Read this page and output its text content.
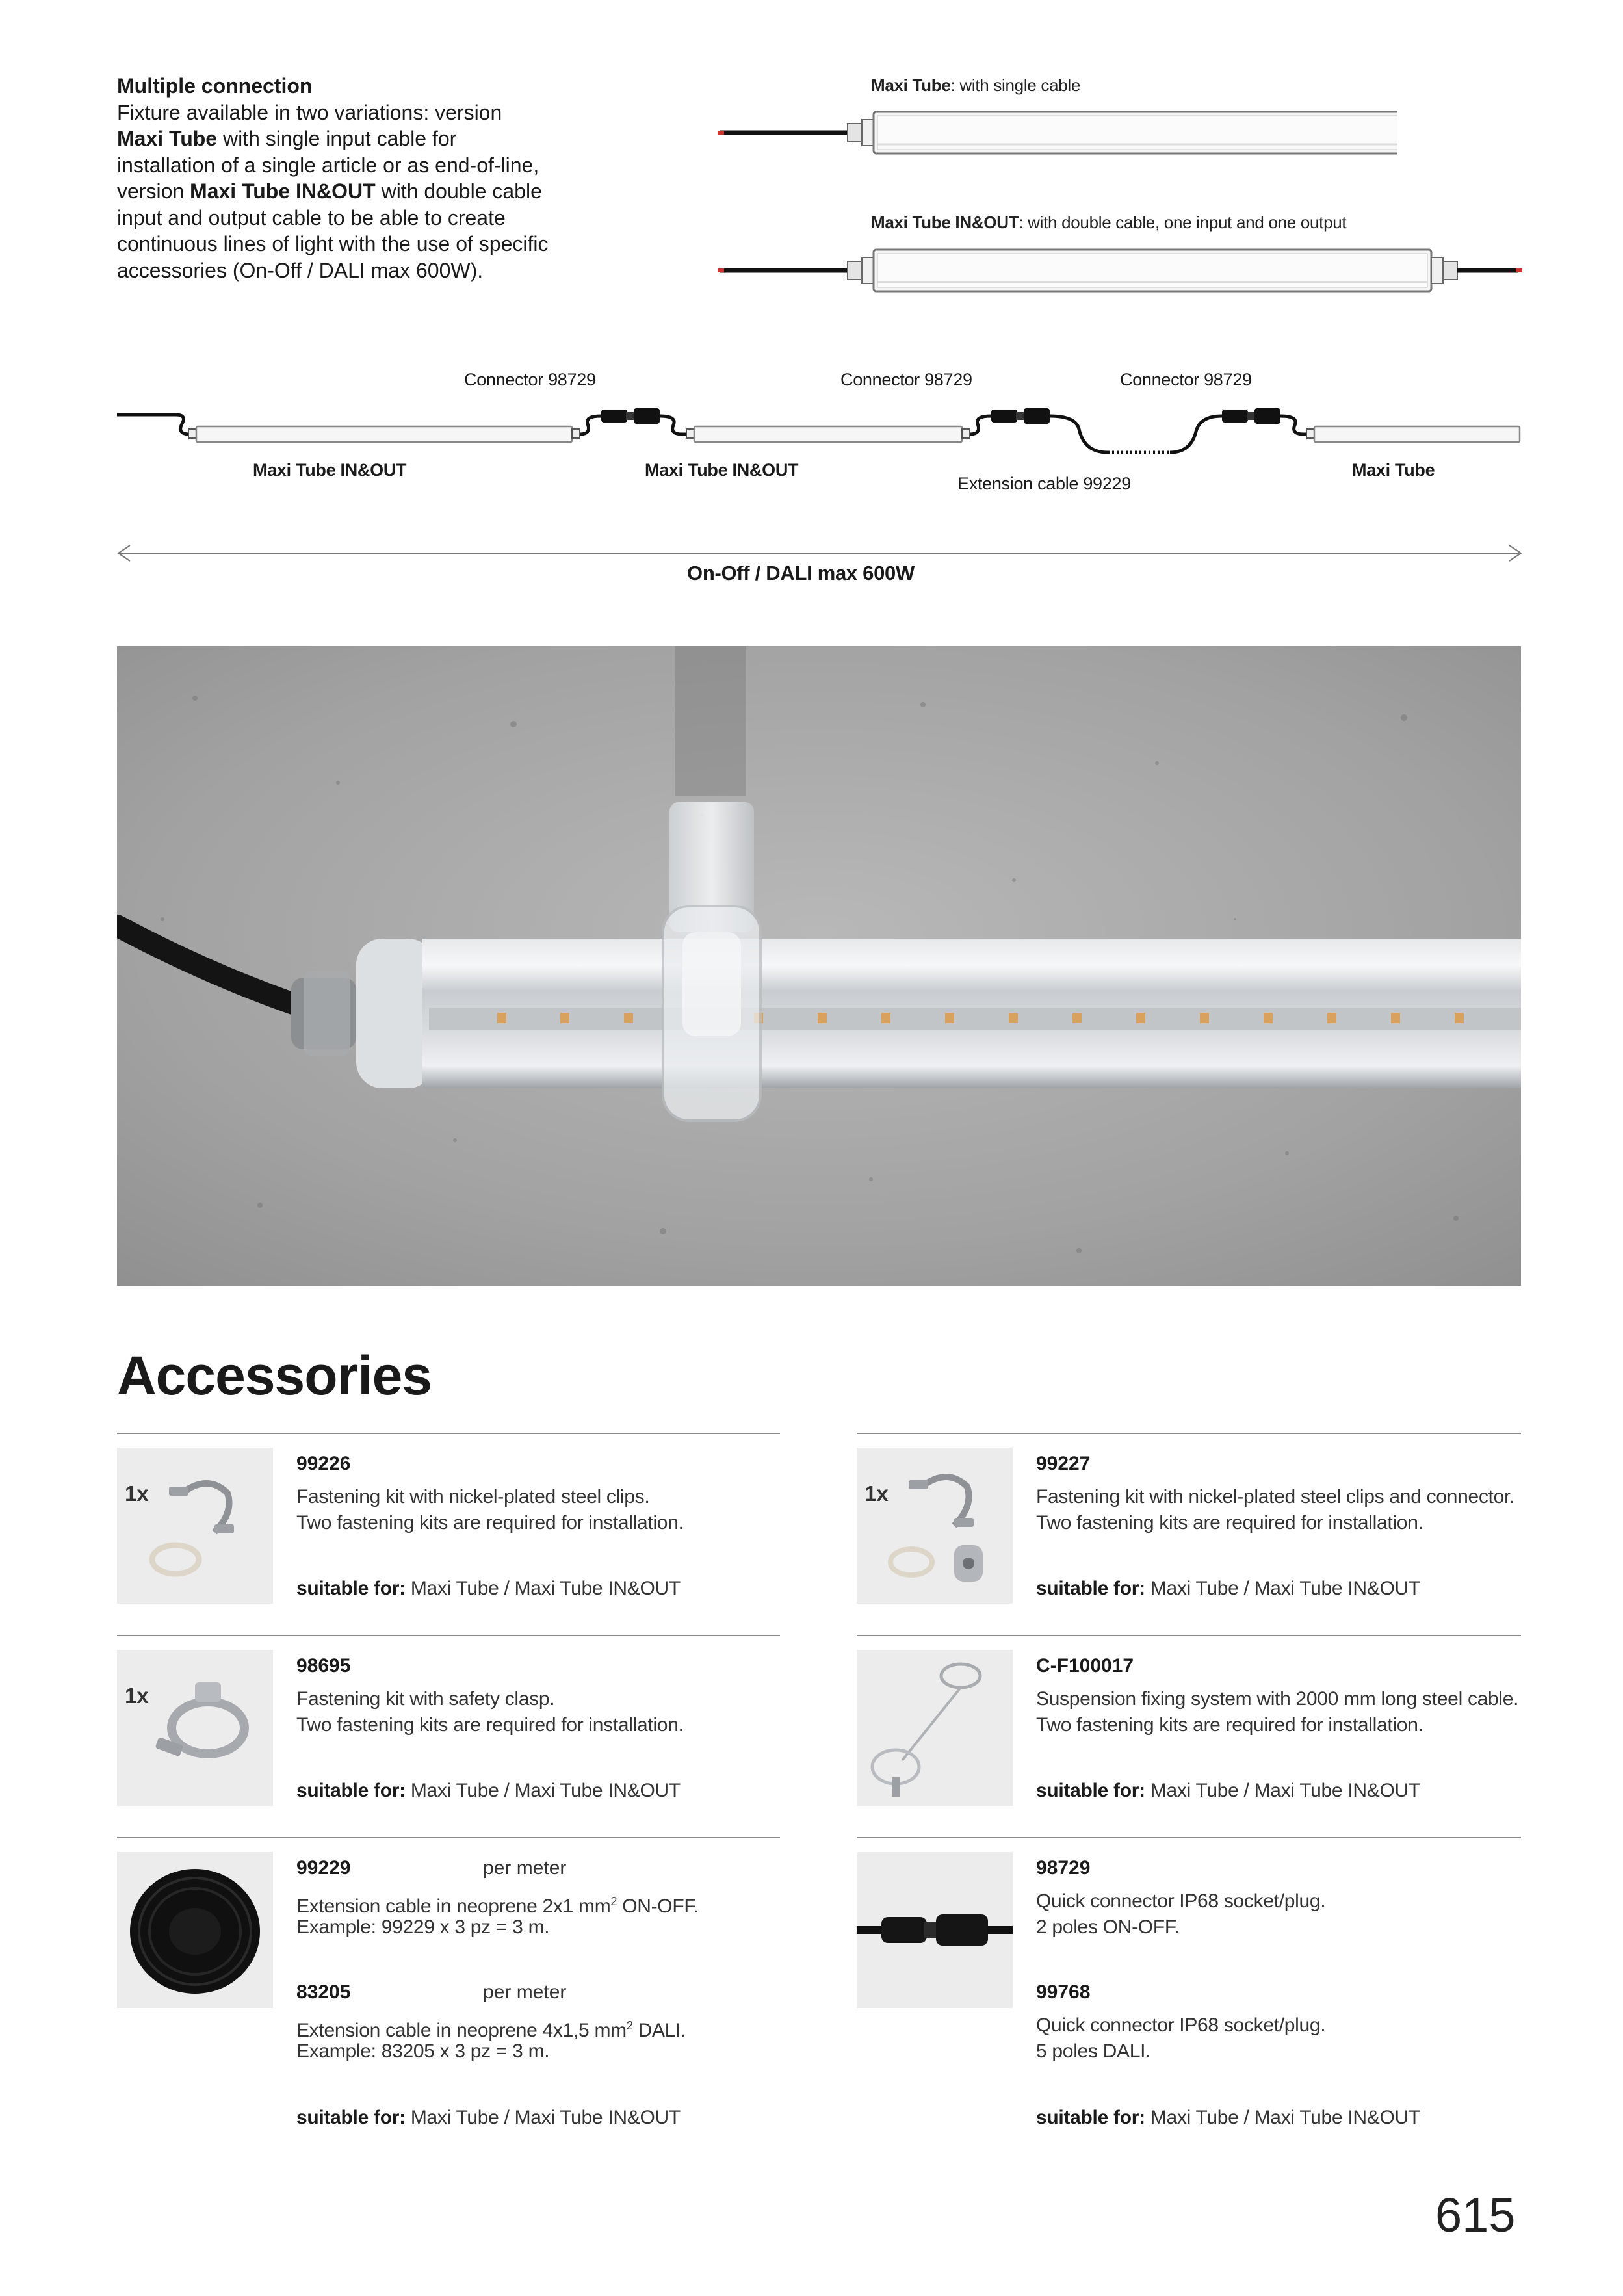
Multiple connection
Fixture available in two variations: version
Maxi Tube with single input cable for
installation of a single article or as end-of-line,
version Maxi Tube IN&OUT with double cable
input and output cable to be able to create
continuous lines of light with the use of specific
accessories (On-Off / DALI max 600W).
Maxi Tube: with single cable
Maxi Tube IN&OUT: with double cable, one input and one output
Connector 98729	Connector 98729	Connector 98729
Maxi Tube IN&OUT	Maxi Tube IN&OUT	Maxi Tube
Extension cable 99229
On-Off / DALI max 600W
Accessories
1x
99226
Fastening kit with nickel-plated steel clips.
Two fastening kits are required for installation.
suitable for: Maxi Tube / Maxi Tube IN&OUT
1x
99227
Fastening kit with nickel-plated steel clips and connector.
Two fastening kits are required for installation.
suitable for: Maxi Tube / Maxi Tube IN&OUT
1x
98695
Fastening kit with safety clasp.
Two fastening kits are required for installation.
suitable for: Maxi Tube / Maxi Tube IN&OUT
C-F100017
Suspension fixing system with 2000 mm long steel cable.
Two fastening kits are required for installation.
suitable for: Maxi Tube / Maxi Tube IN&OUT
99229	per meter
Extension cable in neoprene 2x1 $mm^2$ ON-OFF.
Example: 99229 x 3 pz = 3 m.
83205	per meter
Extension cable in neoprene 4x1,5 $mm^2$ DALI.
Example: 83205 x 3 pz = 3 m.
suitable for: Maxi Tube / Maxi Tube IN&OUT
98729
Quick connector IP68 socket/plug.
2 poles ON-OFF.
99768
Quick connector IP68 socket/plug.
5 poles DALI.
suitable for: Maxi Tube / Maxi Tube IN&OUT
615
